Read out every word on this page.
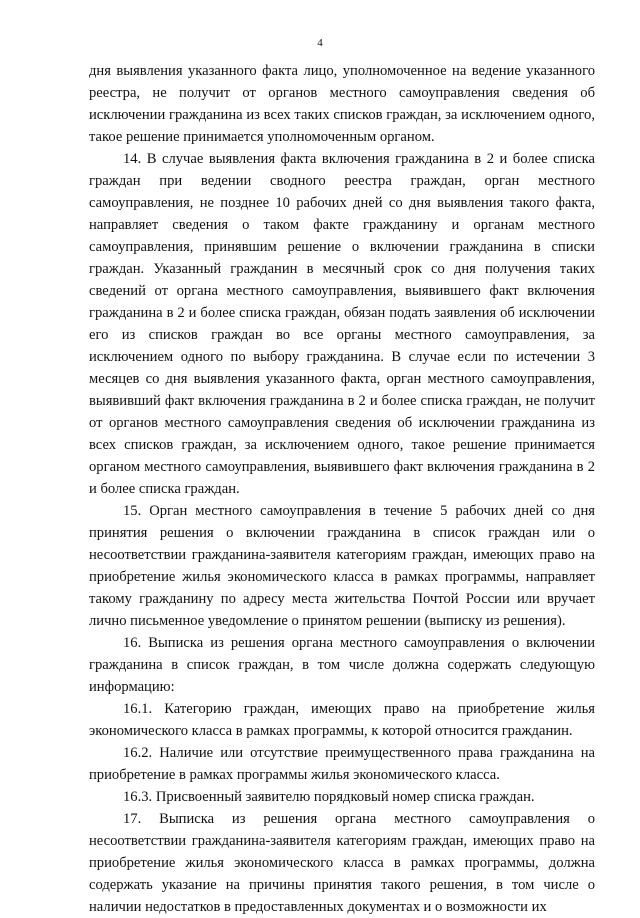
4

дня выявления указанного факта лицо, уполномоченное на ведение указанного реестра, не получит от органов местного самоуправления сведения об исключении гражданина из всех таких списков граждан, за исключением одного, такое решение принимается уполномоченным органом.

14. В случае выявления факта включения гражданина в 2 и более списка граждан при ведении сводного реестра граждан, орган местного самоуправления, не позднее 10 рабочих дней со дня выявления такого факта, направляет сведения о таком факте гражданину и органам местного самоуправления, принявшим решение о включении гражданина в списки граждан. Указанный гражданин в месячный срок со дня получения таких сведений от органа местного самоуправления, выявившего факт включения гражданина в 2 и более списка граждан, обязан подать заявления об исключении его из списков граждан во все органы местного самоуправления, за исключением одного по выбору гражданина. В случае если по истечении 3 месяцев со дня выявления указанного факта, орган местного самоуправления, выявивший факт включения гражданина в 2 и более списка граждан, не получит от органов местного самоуправления сведения об исключении гражданина из всех списков граждан, за исключением одного, такое решение принимается органом местного самоуправления, выявившего факт включения гражданина в 2 и более списка граждан.

15. Орган местного самоуправления в течение 5 рабочих дней со дня принятия решения о включении гражданина в список граждан или о несоответствии гражданина-заявителя категориям граждан, имеющих право на приобретение жилья экономического класса в рамках программы, направляет такому гражданину по адресу места жительства Почтой России или вручает лично письменное уведомление о принятом решении (выписку из решения).

16. Выписка из решения органа местного самоуправления о включении гражданина в список граждан, в том числе должна содержать следующую информацию:

16.1. Категорию граждан, имеющих право на приобретение жилья экономического класса в рамках программы, к которой относится гражданин.

16.2. Наличие или отсутствие преимущественного права гражданина на приобретение в рамках программы жилья экономического класса.

16.3. Присвоенный заявителю порядковый номер списка граждан.

17. Выписка из решения органа местного самоуправления о несоответствии гражданина-заявителя категориям граждан, имеющих право на приобретение жилья экономического класса в рамках программы, должна содержать указание на причины принятия такого решения, в том числе о наличии недостатков в предоставленных документах и о возможности их
